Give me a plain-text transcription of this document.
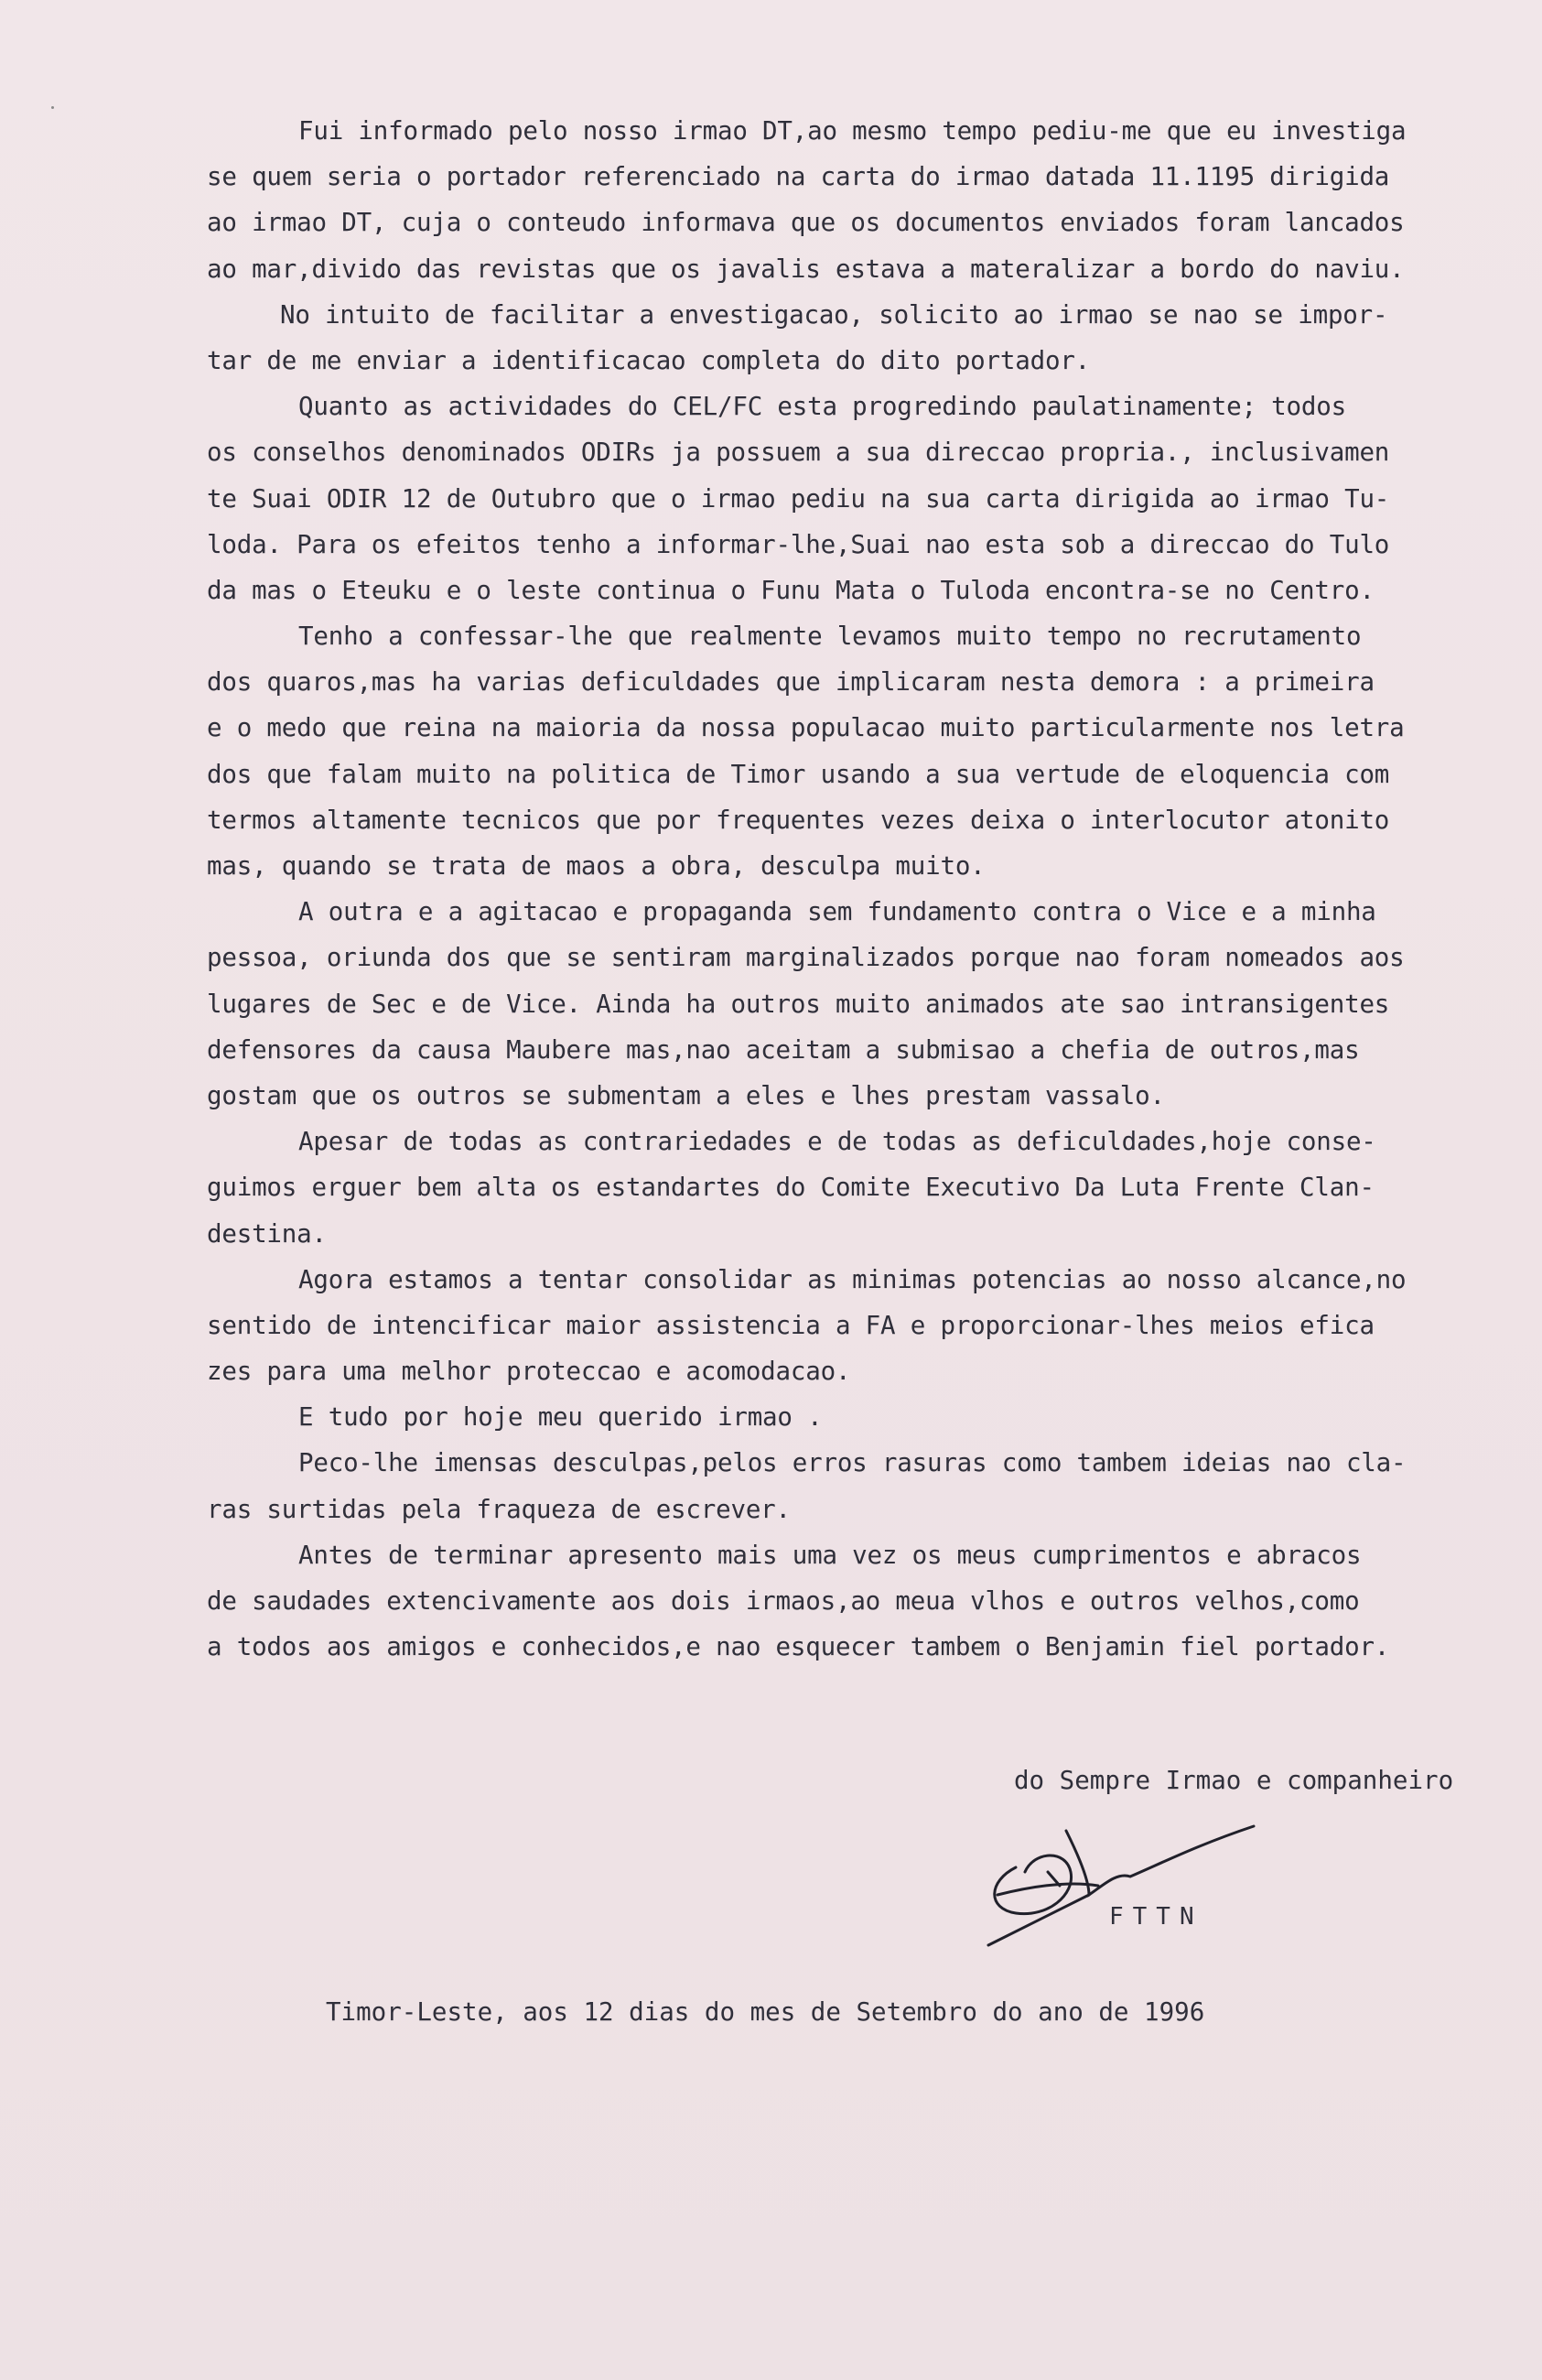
Fui informado pelo nosso irmao DT,ao mesmo tempo pediu-me que eu investiga
se quem seria o portador referenciado na carta do irmao datada 11.1195 dirigida
ao irmao DT, cuja o conteudo informava que os documentos enviados foram lancados
ao mar,divido das revistas que os javalis estava a materalizar a bordo do naviu.
No intuito de facilitar a envestigacao, solicito ao irmao se nao se impor-
tar de me enviar a identificacao completa do dito portador.
Quanto as actividades do CEL/FC esta progredindo paulatinamente; todos
os conselhos denominados ODIRs ja possuem a sua direccao propria., inclusivamen
te Suai ODIR 12 de Outubro que o irmao pediu na sua carta dirigida ao irmao Tu-
loda. Para os efeitos tenho a informar-lhe,Suai nao esta sob a direccao do Tulo
da mas o Eteuku e o leste continua o Funu Mata o Tuloda encontra-se no Centro.
Tenho a confessar-lhe que realmente levamos muito tempo no recrutamento
dos quaros,mas ha varias deficuldades que implicaram nesta demora : a primeira
e o medo que reina na maioria da nossa populacao muito particularmente nos letra
dos que falam muito na politica de Timor usando a sua vertude de eloquencia com
termos altamente tecnicos que por frequentes vezes deixa o interlocutor atonito
mas, quando se trata de maos a obra, desculpa muito.
A outra e a agitacao e propaganda sem fundamento contra o Vice e a minha
pessoa, oriunda dos que se sentiram marginalizados porque nao foram nomeados aos
lugares de Sec e de Vice. Ainda ha outros muito animados ate sao intransigentes
defensores da causa Maubere mas,nao aceitam a submisao a chefia de outros,mas
gostam que os outros se submentam a eles e lhes prestam vassalo.
Apesar de todas as contrariedades e de todas as deficuldades,hoje conse-
guimos erguer bem alta os estandartes do Comite Executivo Da Luta Frente Clan-
destina.
Agora estamos a tentar consolidar as minimas potencias ao nosso alcance,no
sentido de intencificar maior assistencia a FA e proporcionar-lhes meios efica
zes para uma melhor proteccao e acomodacao.
E tudo por hoje meu querido irmao .
Peco-lhe imensas desculpas,pelos erros rasuras como tambem ideias nao cla-
ras surtidas pela fraqueza de escrever.
Antes de terminar apresento mais uma vez os meus cumprimentos e abracos
de saudades extencivamente aos dois irmaos,ao meua vlhos e outros velhos,como
a todos aos amigos e conhecidos,e nao esquecer tambem o Benjamin fiel portador.
do Sempre Irmao e companheiro
FTTN
Timor-Leste, aos 12 dias do mes de Setembro do ano de 1996
